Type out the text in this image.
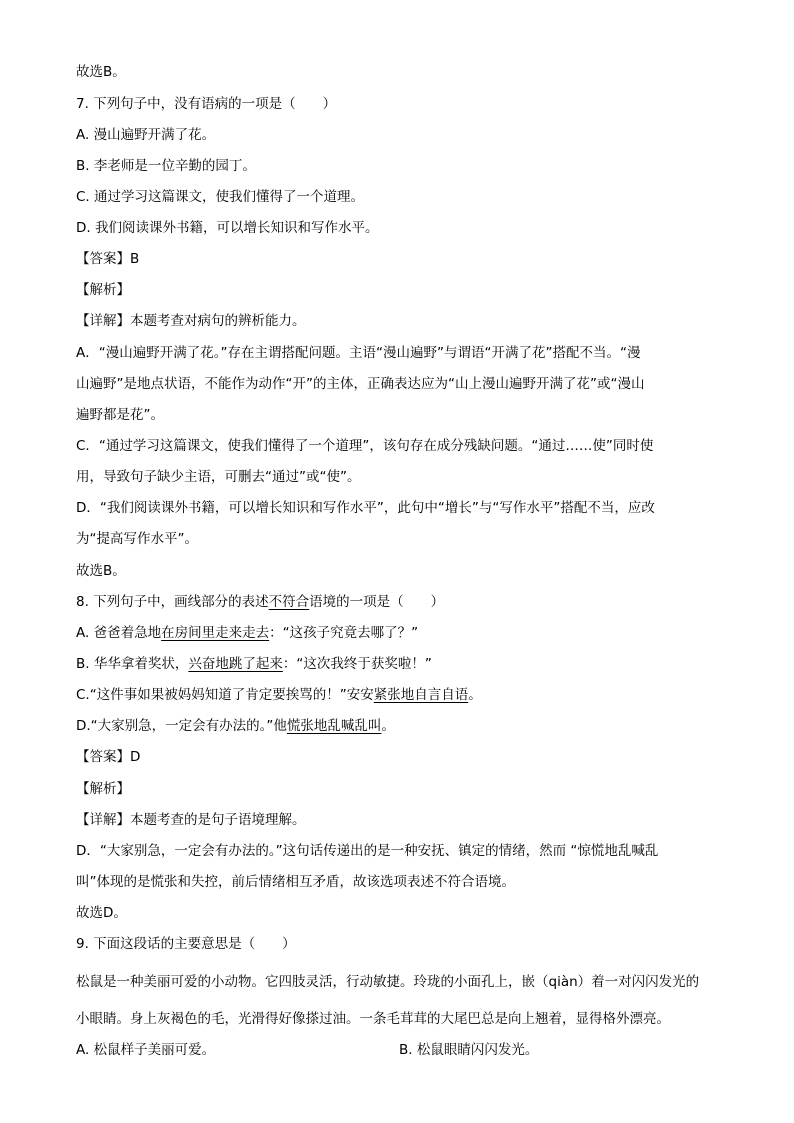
故选B。
7. 下列句子中，没有语病的一项是（　　）
A. 漫山遍野开满了花。
B. 李老师是一位辛勤的园丁。
C. 通过学习这篇课文，使我们懂得了一个道理。
D. 我们阅读课外书籍，可以增长知识和写作水平。
【答案】B
【解析】
【详解】本题考查对病句的辨析能力。
A．“漫山遍野开满了花。”存在主谓搭配问题。主语“漫山遍野”与谓语“开满了花”搭配不当。“漫
山遍野”是地点状语，不能作为动作“开”的主体，正确表达应为“山上漫山遍野开满了花”或“漫山
遍野都是花”。
C．“通过学习这篇课文，使我们懂得了一个道理”，该句存在成分残缺问题。“通过……使”同时使
用，导致句子缺少主语，可删去“通过”或“使”。
D．“我们阅读课外书籍，可以增长知识和写作水平”，此句中“增长”与“写作水平”搭配不当，应改
为“提高写作水平”。
故选B。
8. 下列句子中，画线部分的表述不符合语境的一项是（　　）
A. 爸爸着急地在房间里走来走去：“这孩子究竟去哪了？”
B. 华华拿着奖状，兴奋地跳了起来：“这次我终于获奖啦！”
C.“这件事如果被妈妈知道了肯定要挨骂的！”安安紧张地自言自语。
D.“大家别急，一定会有办法的。”他慌张地乱喊乱叫。
【答案】D
【解析】
【详解】本题考查的是句子语境理解。
D．“大家别急，一定会有办法的。”这句话传递出的是一种安抚、镇定的情绪，然而 “惊慌地乱喊乱
叫”体现的是慌张和失控，前后情绪相互矛盾，故该选项表述不符合语境。
故选D。
9. 下面这段话的主要意思是（　　）
松鼠是一种美丽可爱的小动物。它四肢灵活，行动敏捷。玲珑的小面孔上，嵌（qiàn）着一对闪闪发光的
小眼睛。身上灰褐色的毛，光滑得好像搽过油。一条毛茸茸的大尾巴总是向上翘着，显得格外漂亮。
A. 松鼠样子美丽可爱。	B. 松鼠眼睛闪闪发光。
